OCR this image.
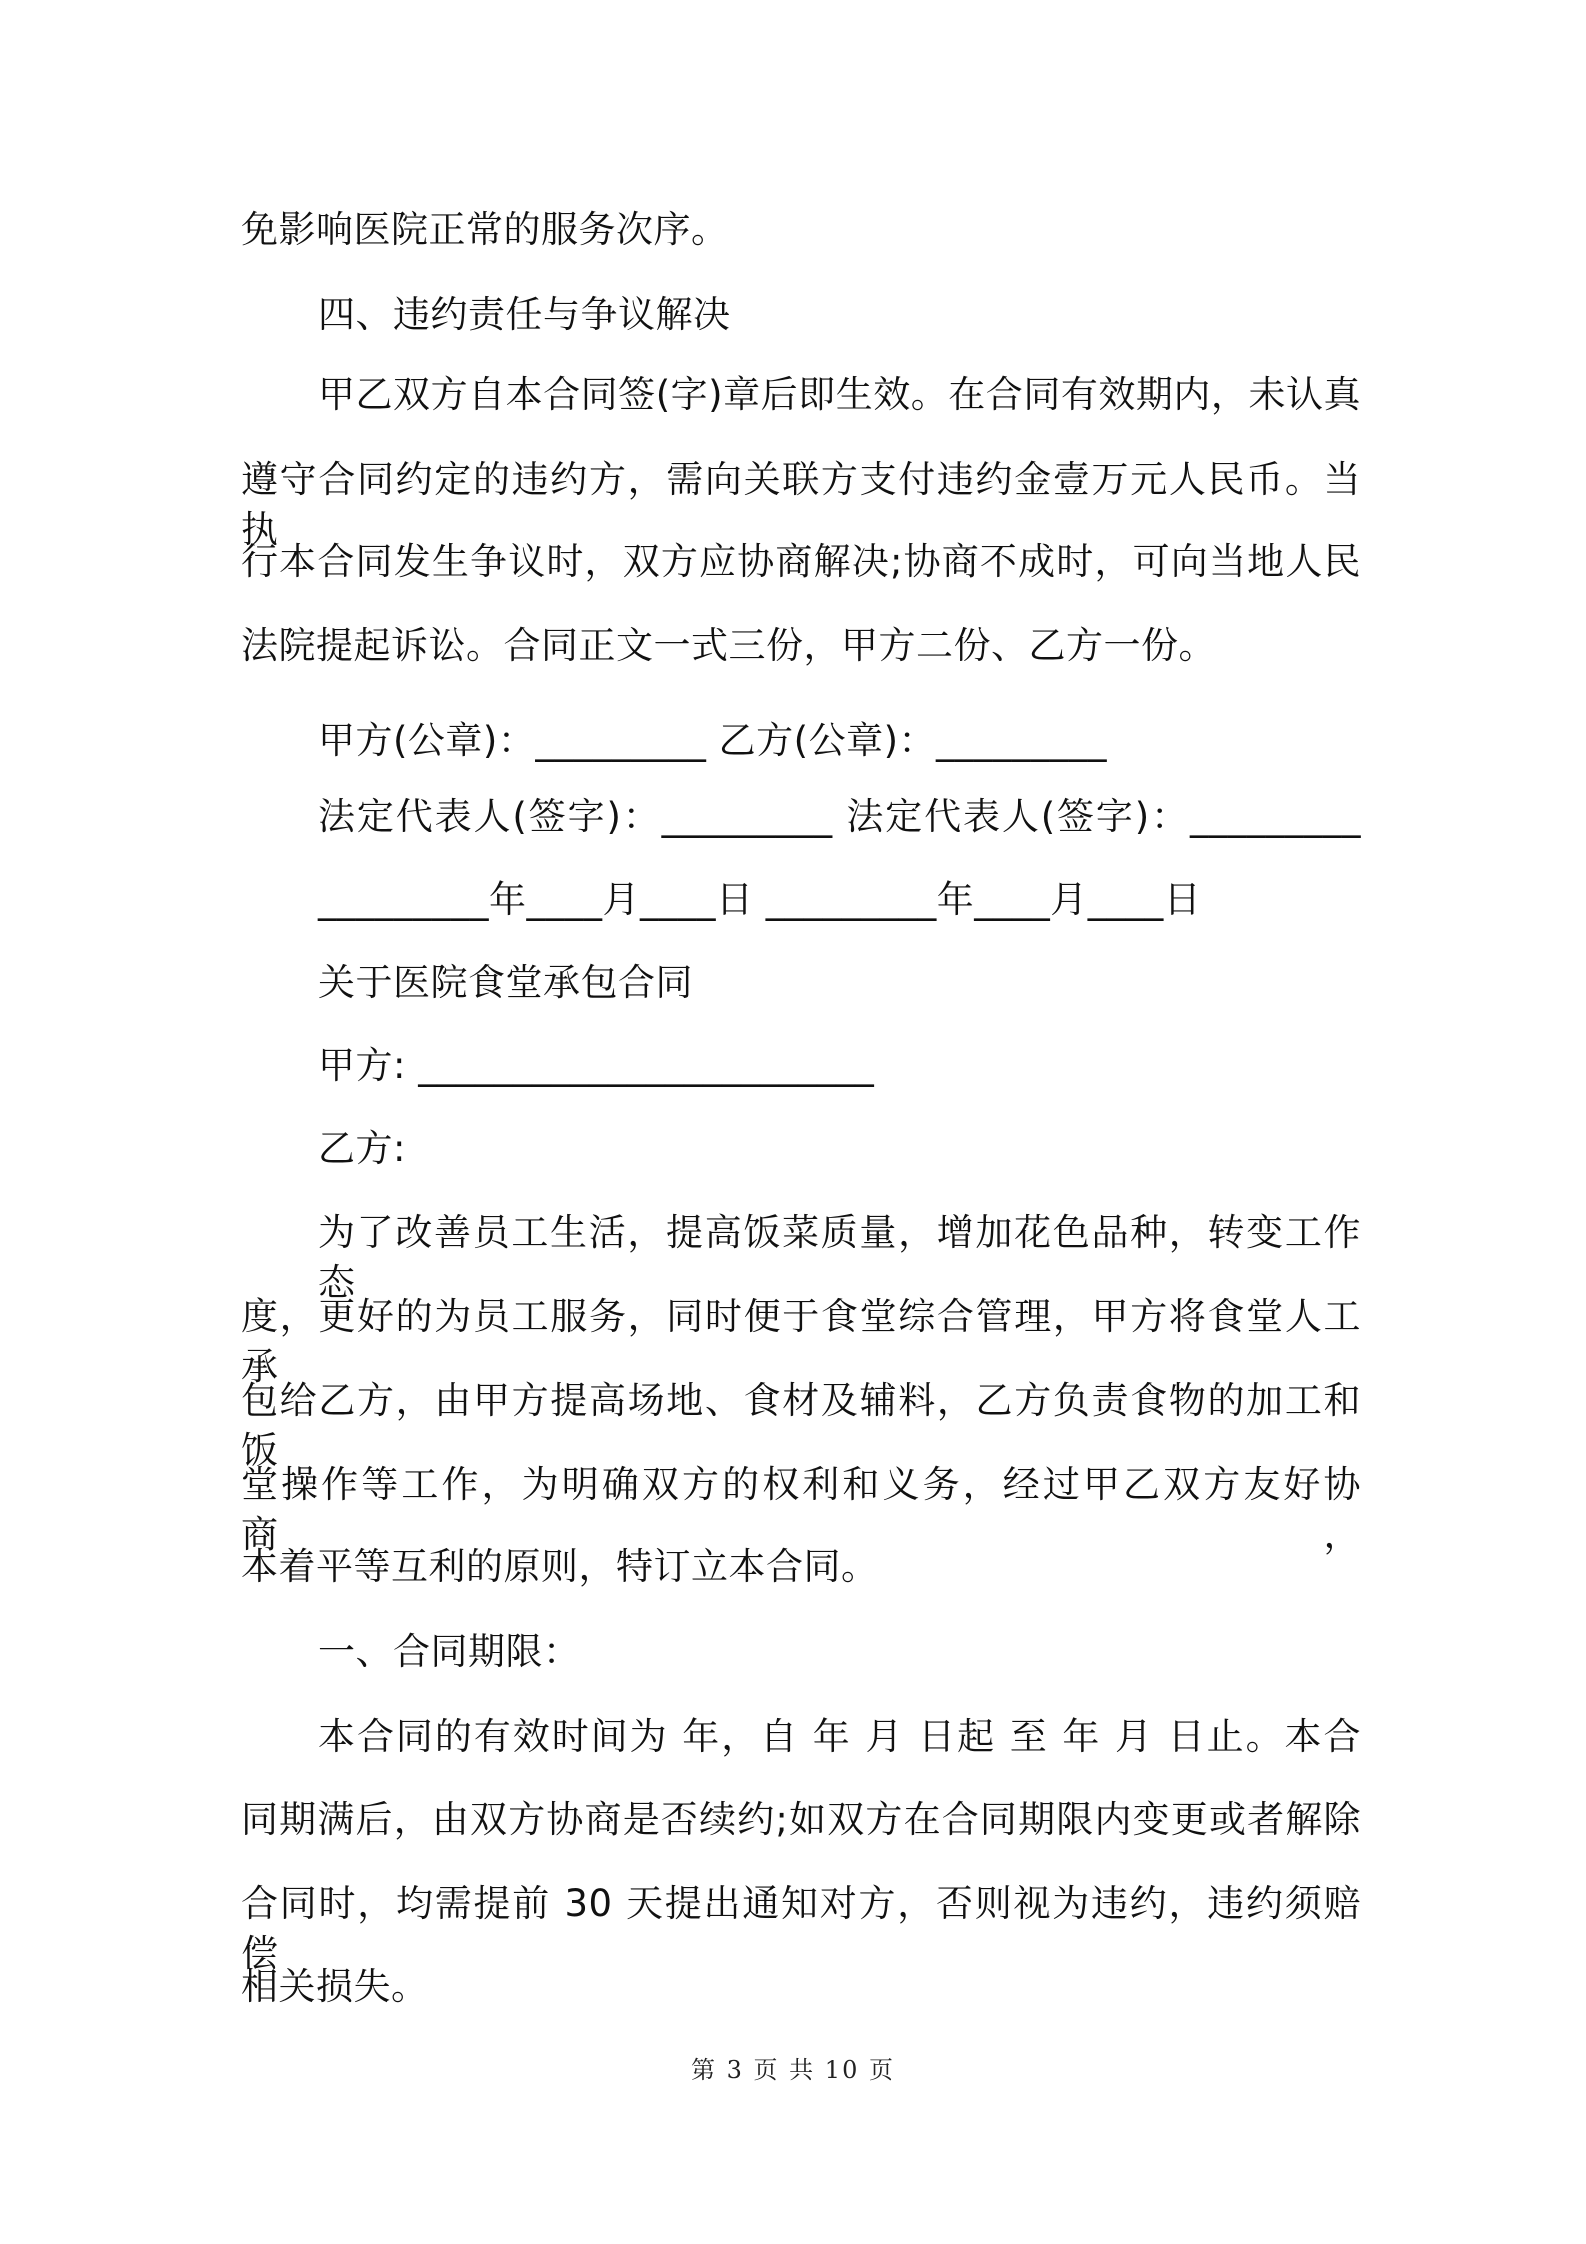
免影响医院正常的服务次序。
四、违约责任与争议解决
甲乙双方自本合同签(字)章后即生效。在合同有效期内，未认真
遵守合同约定的违约方，需向关联方支付违约金壹万元人民币。当执
行本合同发生争议时，双方应协商解决;协商不成时，可向当地人民
法院提起诉讼。合同正文一式三份，甲方二份、乙方一份。
甲方(公章)：_________ 乙方(公章)：_________
法定代表人(签字)：_________ 法定代表人(签字)：_________
_________年____月____日 _________年____月____日
关于医院食堂承包合同
甲方: ________________________
乙方:
为了改善员工生活，提高饭菜质量，增加花色品种，转变工作态
度，更好的为员工服务，同时便于食堂综合管理，甲方将食堂人工承
包给乙方，由甲方提高场地、食材及辅料，乙方负责食物的加工和饭
堂操作等工作，为明确双方的权利和义务，经过甲乙双方友好协商，
本着平等互利的原则，特订立本合同。
一、合同期限：
本合同的有效时间为 年，自 年 月 日起 至 年 月 日止。本合
同期满后，由双方协商是否续约;如双方在合同期限内变更或者解除
合同时，均需提前 30 天提出通知对方，否则视为违约，违约须赔偿
相关损失。
第 3 页 共 10 页
